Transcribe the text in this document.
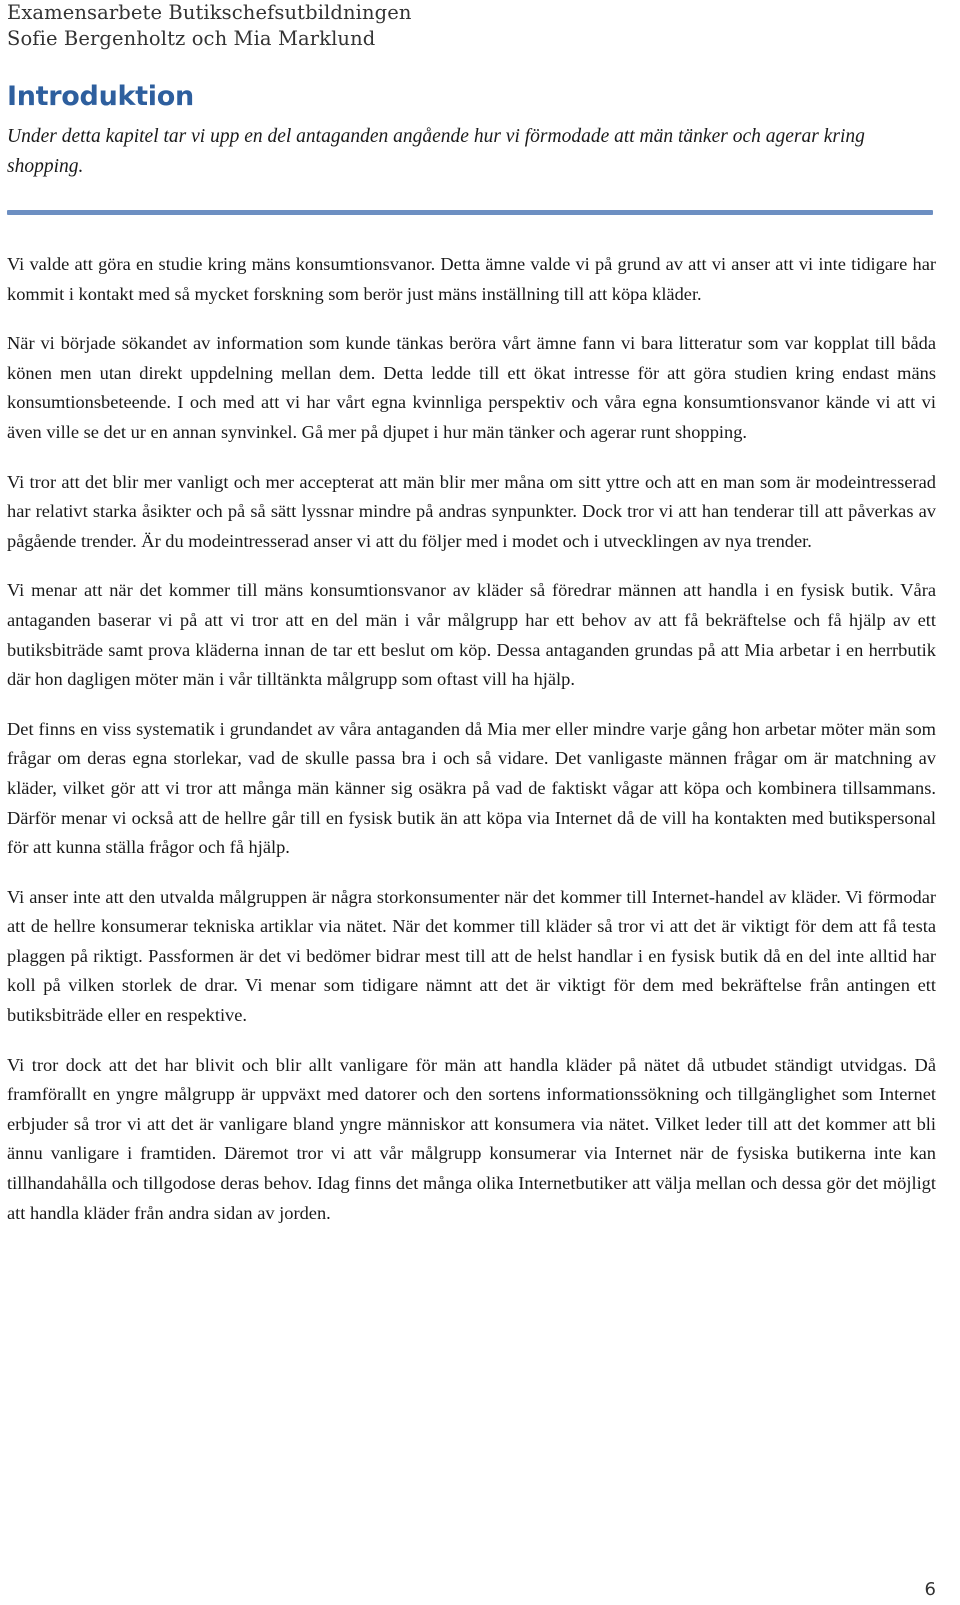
Examensarbete Butikschefsutbildningen
Sofie Bergenholtz och Mia Marklund
Introduktion
Under detta kapitel tar vi upp en del antaganden angående hur vi förmodade att män tänker och agerar kring shopping.

Vi valde att göra en studie kring mäns konsumtionsvanor. Detta ämne valde vi på grund av att vi anser att vi inte tidigare har kommit i kontakt med så mycket forskning som berör just mäns inställning till att köpa kläder.

När vi började sökandet av information som kunde tänkas beröra vårt ämne fann vi bara litteratur som var kopplat till båda könen men utan direkt uppdelning mellan dem. Detta ledde till ett ökat intresse för att göra studien kring endast mäns konsumtionsbeteende. I och med att vi har vårt egna kvinnliga perspektiv och våra egna konsumtionsvanor kände vi att vi även ville se det ur en annan synvinkel. Gå mer på djupet i hur män tänker och agerar runt shopping.

Vi tror att det blir mer vanligt och mer accepterat att män blir mer måna om sitt yttre och att en man som är modeintresserad har relativt starka åsikter och på så sätt lyssnar mindre på andras synpunkter. Dock tror vi att han tenderar till att påverkas av pågående trender. Är du modeintresserad anser vi att du följer med i modet och i utvecklingen av nya trender.

Vi menar att när det kommer till mäns konsumtionsvanor av kläder så föredrar männen att handla i en fysisk butik. Våra antaganden baserar vi på att vi tror att en del män i vår målgrupp har ett behov av att få bekräftelse och få hjälp av ett butiksbiträde samt prova kläderna innan de tar ett beslut om köp. Dessa antaganden grundas på att Mia arbetar i en herrbutik där hon dagligen möter män i vår tilltänkta målgrupp som oftast vill ha hjälp.

Det finns en viss systematik i grundandet av våra antaganden då Mia mer eller mindre varje gång hon arbetar möter män som frågar om deras egna storlekar, vad de skulle passa bra i och så vidare. Det vanligaste männen frågar om är matchning av kläder, vilket gör att vi tror att många män känner sig osäkra på vad de faktiskt vågar att köpa och kombinera tillsammans. Därför menar vi också att de hellre går till en fysisk butik än att köpa via Internet då de vill ha kontakten med butikspersonal för att kunna ställa frågor och få hjälp.

Vi anser inte att den utvalda målgruppen är några storkonsumenter när det kommer till Internet-handel av kläder. Vi förmodar att de hellre konsumerar tekniska artiklar via nätet. När det kommer till kläder så tror vi att det är viktigt för dem att få testa plaggen på riktigt. Passformen är det vi bedömer bidrar mest till att de helst handlar i en fysisk butik då en del inte alltid har koll på vilken storlek de drar. Vi menar som tidigare nämnt att det är viktigt för dem med bekräftelse från antingen ett butiksbiträde eller en respektive.

Vi tror dock att det har blivit och blir allt vanligare för män att handla kläder på nätet då utbudet ständigt utvidgas. Då framförallt en yngre målgrupp är uppväxt med datorer och den sortens informationssökning och tillgänglighet som Internet erbjuder så tror vi att det är vanligare bland yngre människor att konsumera via nätet. Vilket leder till att det kommer att bli ännu vanligare i framtiden. Däremot tror vi att vår målgrupp konsumerar via Internet när de fysiska butikerna inte kan tillhandahålla och tillgodose deras behov. Idag finns det många olika Internetbutiker att välja mellan och dessa gör det möjligt att handla kläder från andra sidan av jorden.

6
